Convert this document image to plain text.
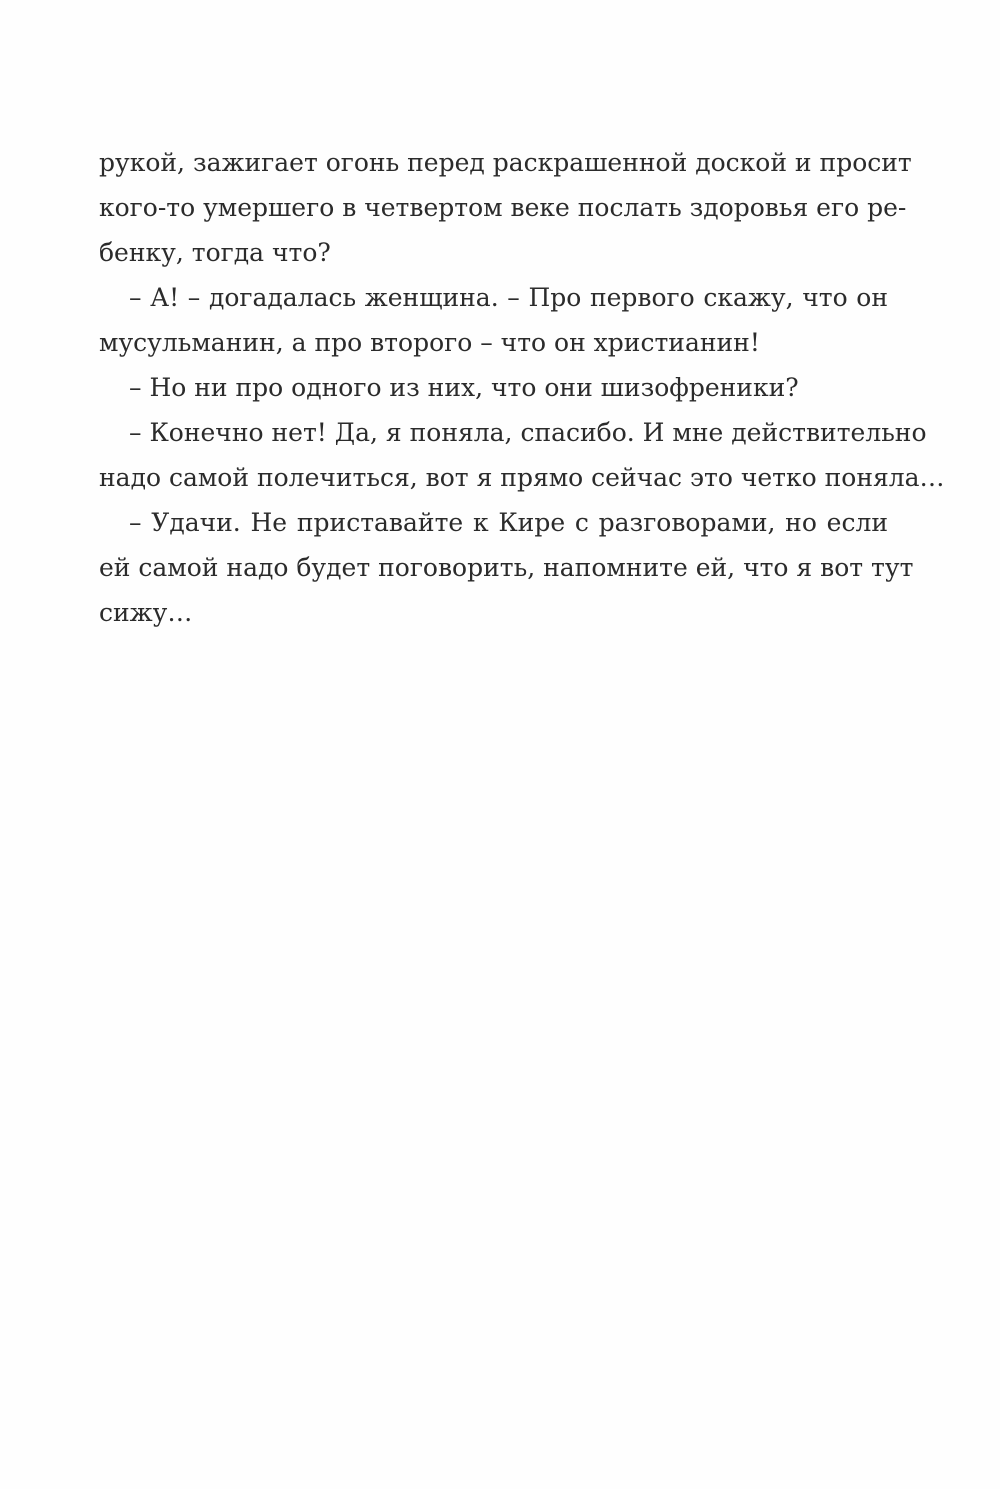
рукой, зажигает огонь перед раскрашенной доской и просит
кого-то умершего в четвертом веке послать здоровья его ре-
бенку, тогда что?
– А! – догадалась женщина. – Про первого скажу, что он
мусульманин, а про второго – что он христианин!
– Но ни про одного из них, что они шизофреники?
– Конечно нет! Да, я поняла, спасибо. И мне действительно
надо самой полечиться, вот я прямо сейчас это четко поняла…
– Удачи. Не приставайте к Кире с разговорами, но если
ей самой надо будет поговорить, напомните ей, что я вот тут
сижу…
